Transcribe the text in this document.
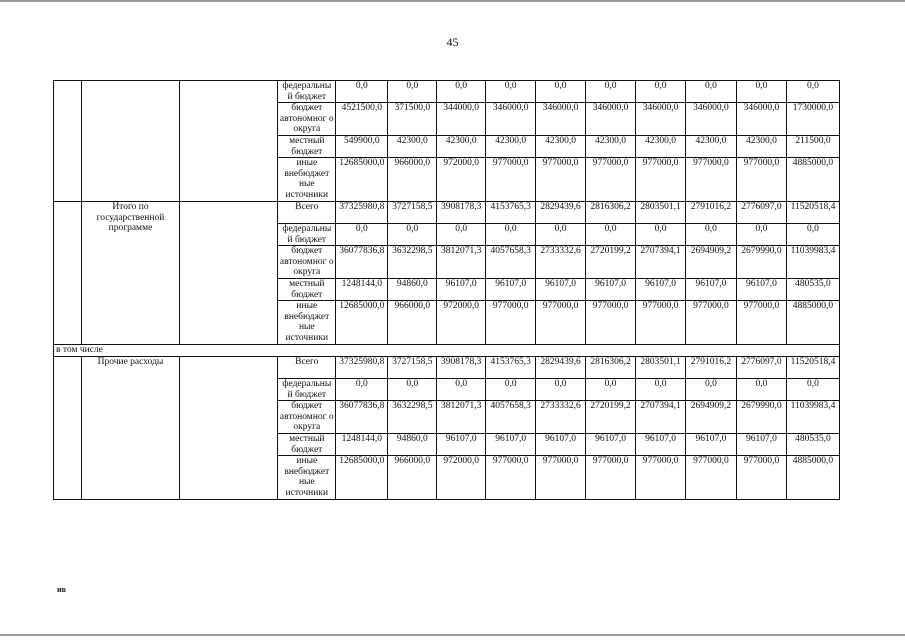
45
			федеральны й бюджет	0,0	0,0	0,0	0,0	0,0	0,0	0,0	0,0	0,0	0,0
			бюджет автономног о округа	4521500,0	371500,0	344000,0	346000,0	346000,0	346000,0	346000,0	346000,0	346000,0	1730000,0
			местный бюджет	549900,0	42300,0	42300,0	42300,0	42300,0	42300,0	42300,0	42300,0	42300,0	211500,0
			иные внебюджет ные источники	12685000,0	966000,0	972000,0	977000,0	977000,0	977000,0	977000,0	977000,0	977000,0	4885000,0
	Итого по государственной программе		Всего	37325980,8	3727158,5	3908178,3	4153765,3	2829439,6	2816306,2	2803501,1	2791016,2	2776097,0	11520518,4
			федеральны й бюджет	0,0	0,0	0,0	0,0	0,0	0,0	0,0	0,0	0,0	0,0
			бюджет автономног о округа	36077836,8	3632298,5	3812071,3	4057658,3	2733332,6	2720199,2	2707394,1	2694909,2	2679990,0	11039983,4
			местный бюджет	1248144,0	94860,0	96107,0	96107,0	96107,0	96107,0	96107,0	96107,0	96107,0	480535,0
			иные внебюджет ные источники	12685000,0	966000,0	972000,0	977000,0	977000,0	977000,0	977000,0	977000,0	977000,0	4885000,0
в том числе													
	Прочие расходы		Всего	37325980,8	3727158,5	3908178,3	4153765,3	2829439,6	2816306,2	2803501,1	2791016,2	2776097,0	11520518,4
			федеральны й бюджет	0,0	0,0	0,0	0,0	0,0	0,0	0,0	0,0	0,0	0,0
			бюджет автономног о округа	36077836,8	3632298,5	3812071,3	4057658,3	2733332,6	2720199,2	2707394,1	2694909,2	2679990,0	11039983,4
			местный бюджет	1248144,0	94860,0	96107,0	96107,0	96107,0	96107,0	96107,0	96107,0	96107,0	480535,0
			иные внебюджет ные источники	12685000,0	966000,0	972000,0	977000,0	977000,0	977000,0	977000,0	977000,0	977000,0	4885000,0
ив
